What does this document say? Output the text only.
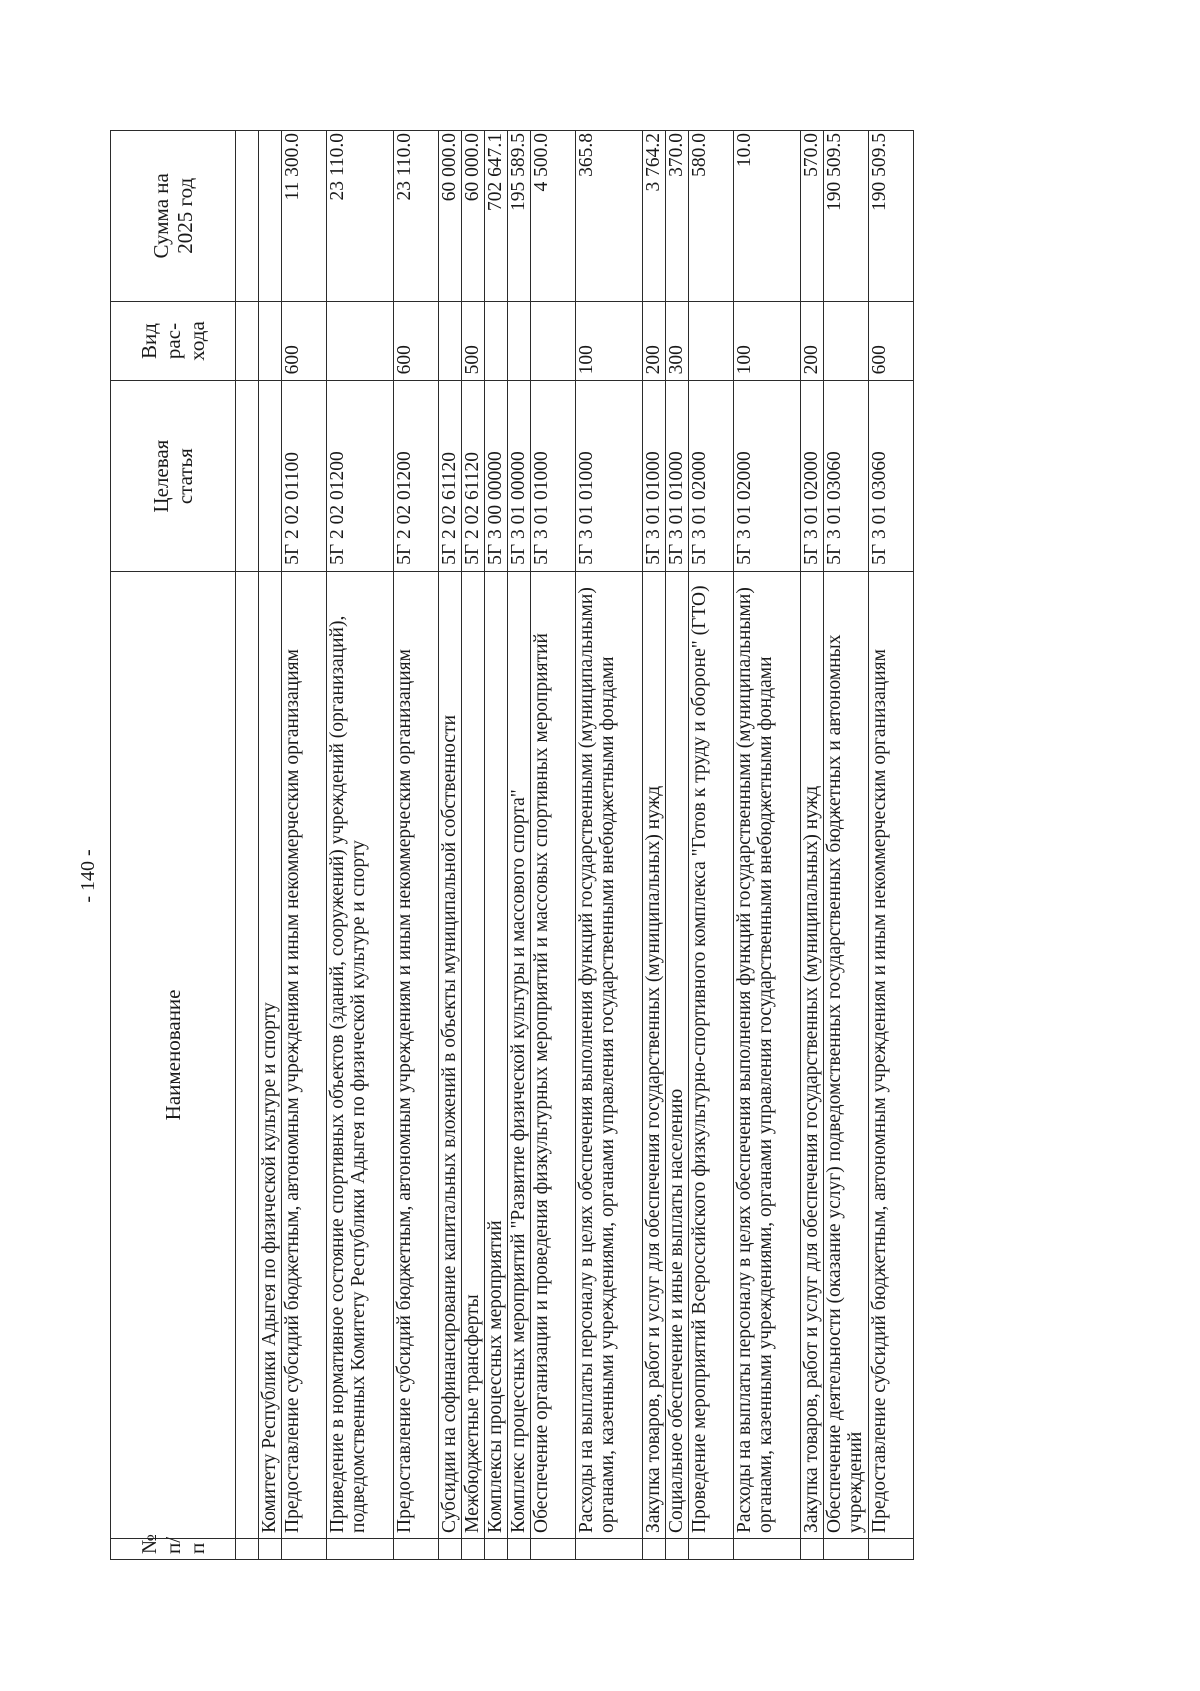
- 140 -
№ п/п	Наименование	Целевая статья	Вид рас- хода	Сумма на 2025 год

	Комитету Республики Адыгея по физической культуре и спорту			
	Предоставление субсидий бюджетным, автономным учреждениям и иным некоммерческим организациям	5Г 2 02 01100	600	11 300.0
	Приведение в нормативное состояние спортивных объектов (зданий, сооружений) учреждений (организаций), подведомственных Комитету Республики Адыгея по физической культуре и спорту	5Г 2 02 01200		23 110.0
	Предоставление субсидий бюджетным, автономным учреждениям и иным некоммерческим организациям	5Г 2 02 01200	600	23 110.0
	Субсидии на софинансирование капитальных вложений в объекты муниципальной собственности	5Г 2 02 61120		60 000.0
	Межбюджетные трансферты	5Г 2 02 61120	500	60 000.0
	Комплексы процессных мероприятий	5Г 3 00 00000		702 647.1
	Комплекс процессных мероприятий "Развитие физической культуры и массового спорта"	5Г 3 01 00000		195 589.5
	Обеспечение организации и проведения физкультурных мероприятий и массовых спортивных мероприятий	5Г 3 01 01000		4 500.0
	Расходы на выплаты персоналу в целях обеспечения выполнения функций государственными (муниципальными) органами, казенными учреждениями, органами управления государственными внебюджетными фондами	5Г 3 01 01000	100	365.8
	Закупка товаров, работ и услуг для обеспечения государственных (муниципальных) нужд	5Г 3 01 01000	200	3 764.2
	Социальное обеспечение и иные выплаты населению	5Г 3 01 01000	300	370.0
	Проведение мероприятий Всероссийского физкультурно-спортивного комплекса "Готов к труду и обороне" (ГТО)	5Г 3 01 02000		580.0
	Расходы на выплаты персоналу в целях обеспечения выполнения функций государственными (муниципальными) органами, казенными учреждениями, органами управления государственными внебюджетными фондами	5Г 3 01 02000	100	10.0
	Закупка товаров, работ и услуг для обеспечения государственных (муниципальных) нужд	5Г 3 01 02000	200	570.0
	Обеспечение деятельности (оказание услуг) подведомственных государственных бюджетных и автономных учреждений	5Г 3 01 03060		190 509.5
	Предоставление субсидий бюджетным, автономным учреждениям и иным некоммерческим организациям	5Г 3 01 03060	600	190 509.5
